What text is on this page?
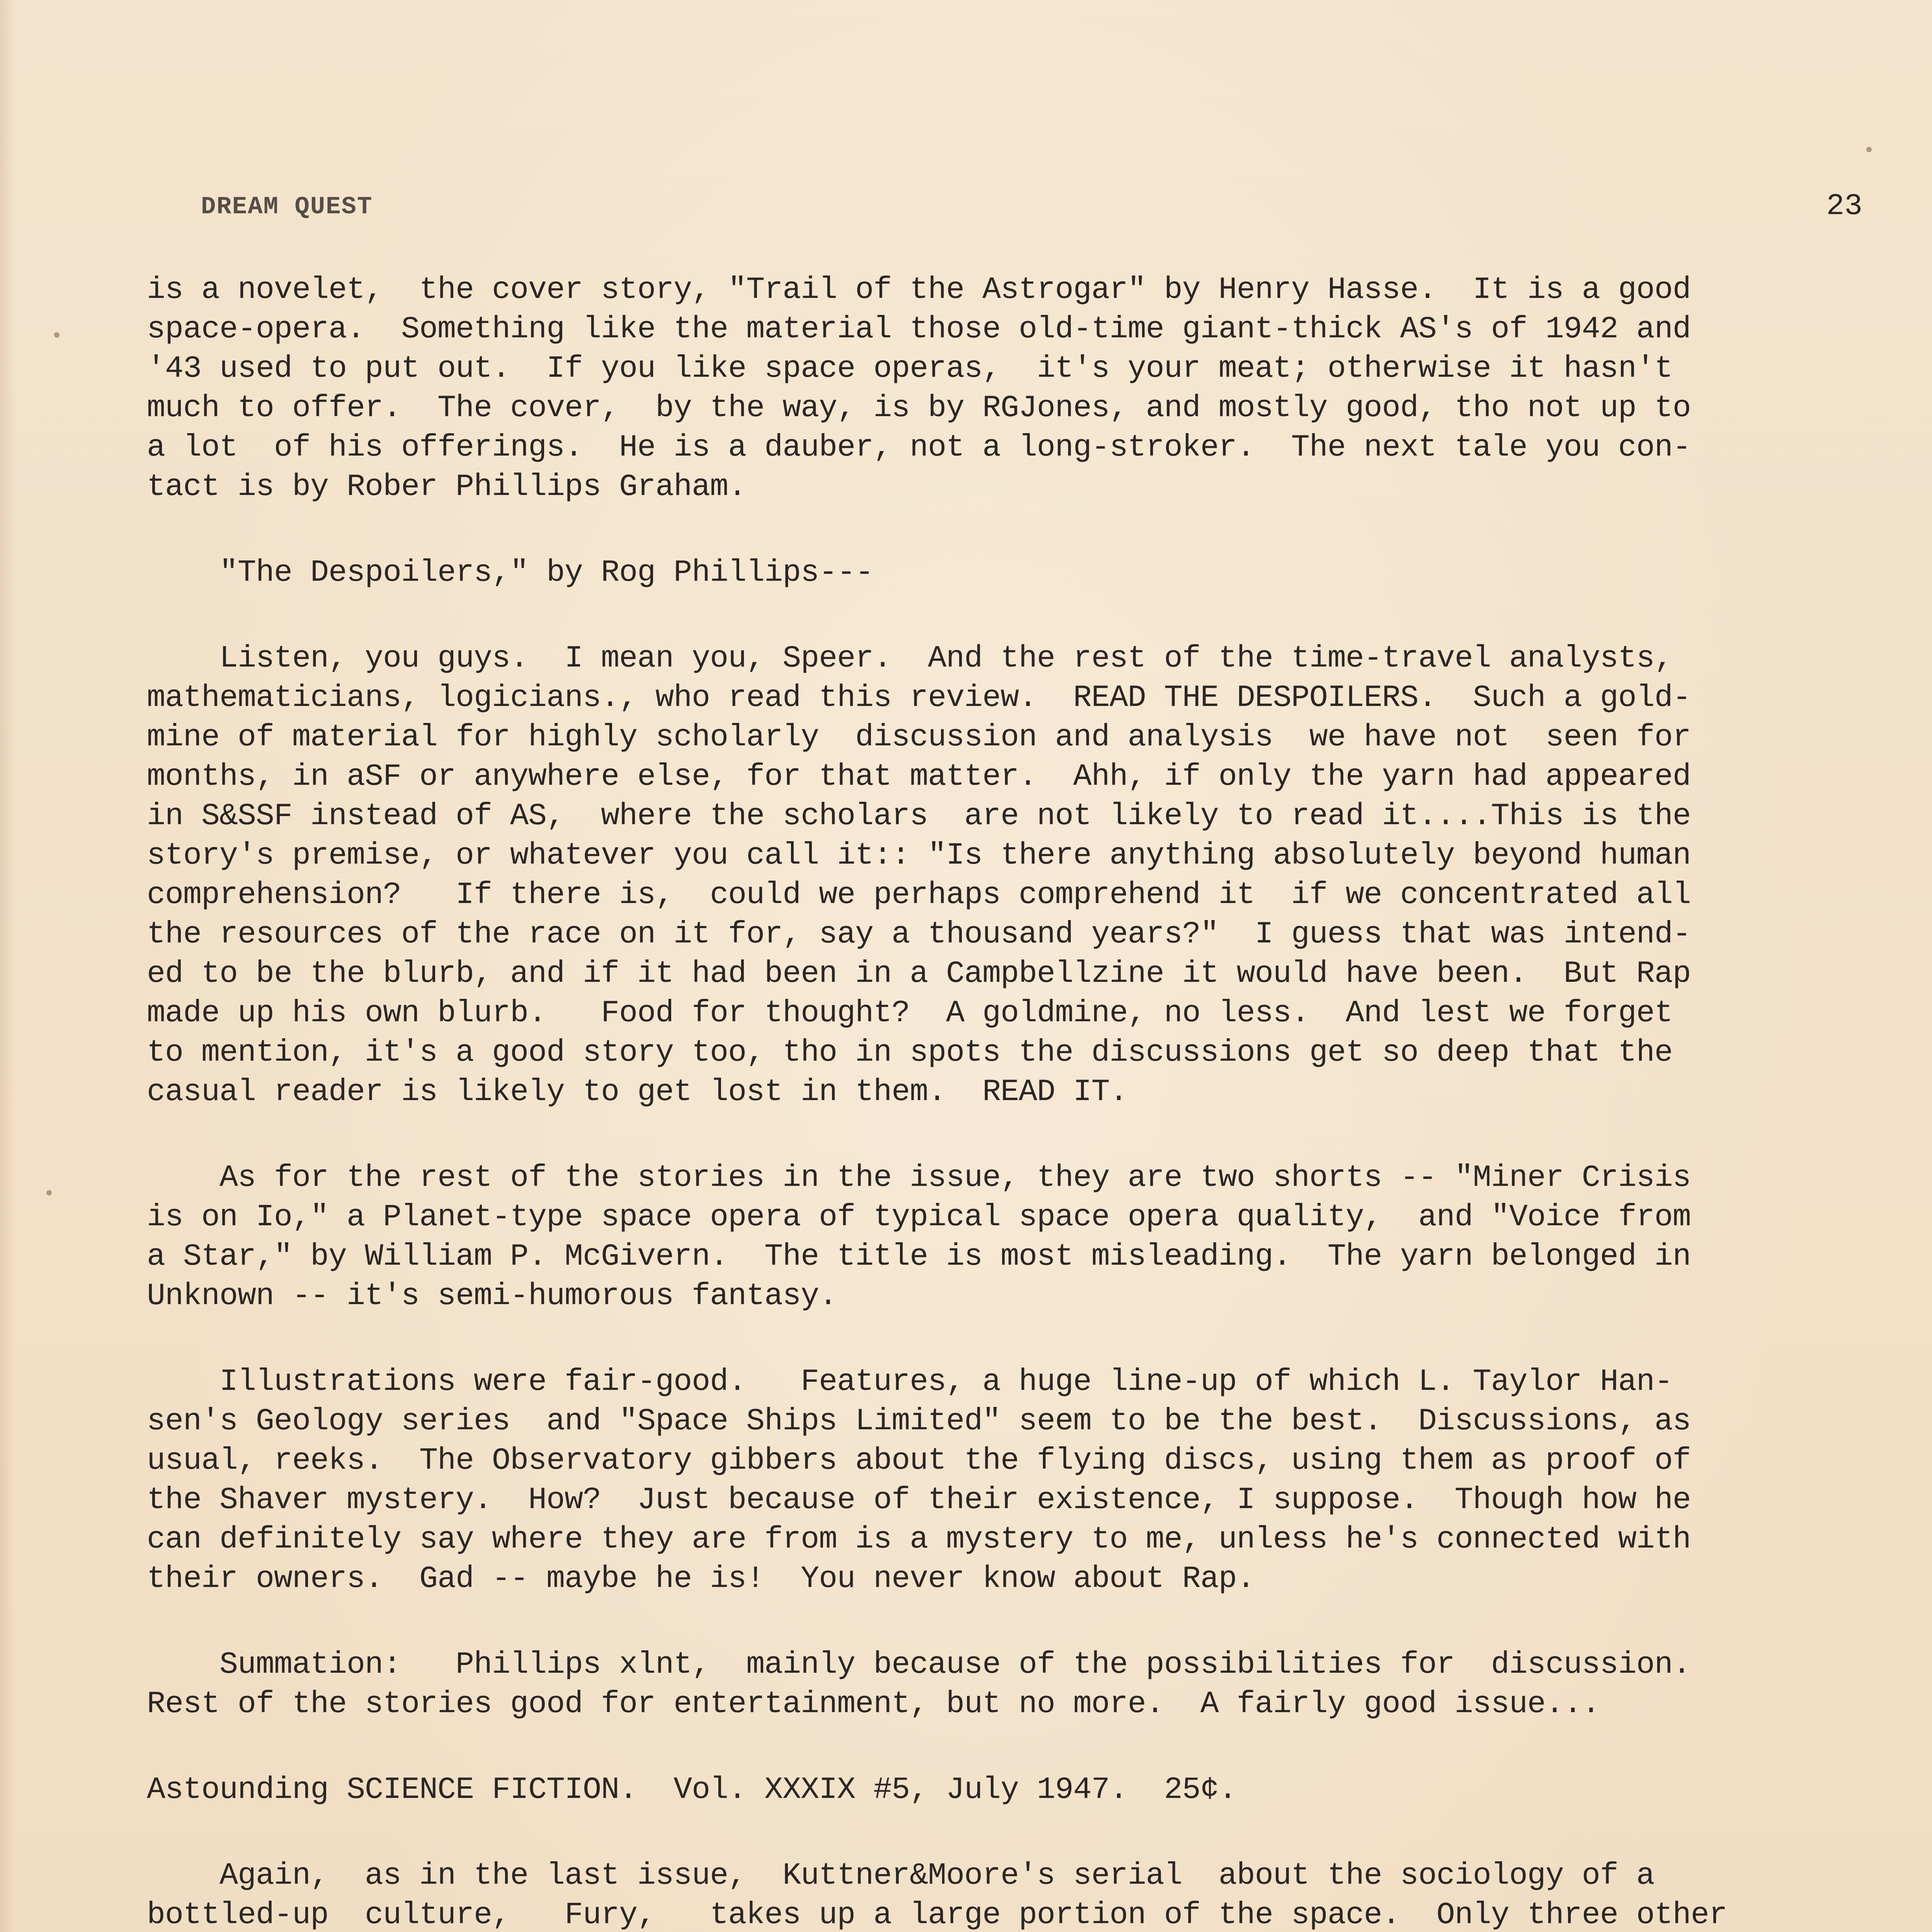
DREAM QUEST	23
is a novelet,  the cover story, "Trail of the Astrogar" by Henry Hasse.  It is a good
space-opera.  Something like the material those old-time giant-thick AS's of 1942 and
'43 used to put out.  If you like space operas,  it's your meat; otherwise it hasn't
much to offer.  The cover,  by the way, is by RGJones, and mostly good, tho not up to
a lot  of his offerings.  He is a dauber, not a long-stroker.  The next tale you con-
tact is by Rober Phillips Graham.
"The Despoilers," by Rog Phillips---
Listen, you guys.  I mean you, Speer.  And the rest of the time-travel analysts,
mathematicians, logicians., who read this review.  READ THE DESPOILERS.  Such a gold-
mine of material for highly scholarly  discussion and analysis  we have not  seen for
months, in aSF or anywhere else, for that matter.  Ahh, if only the yarn had appeared
in S&SSF instead of AS,  where the scholars  are not likely to read it....This is the
story's premise, or whatever you call it:: "Is there anything absolutely beyond human
comprehension?   If there is,  could we perhaps comprehend it  if we concentrated all
the resources of the race on it for, say a thousand years?"  I guess that was intend-
ed to be the blurb, and if it had been in a Campbellzine it would have been.  But Rap
made up his own blurb.   Food for thought?  A goldmine, no less.  And lest we forget
to mention, it's a good story too, tho in spots the discussions get so deep that the
casual reader is likely to get lost in them.  READ IT.
As for the rest of the stories in the issue, they are two shorts -- "Miner Crisis
is on Io," a Planet-type space opera of typical space opera quality,  and "Voice from
a Star," by William P. McGivern.  The title is most misleading.  The yarn belonged in
Unknown -- it's semi-humorous fantasy.
Illustrations were fair-good.   Features, a huge line-up of which L. Taylor Han-
sen's Geology series  and "Space Ships Limited" seem to be the best.  Discussions, as
usual, reeks.  The Observatory gibbers about the flying discs, using them as proof of
the Shaver mystery.  How?  Just because of their existence, I suppose.  Though how he
can definitely say where they are from is a mystery to me, unless he's connected with
their owners.  Gad -- maybe he is!  You never know about Rap.
Summation:   Phillips xlnt,  mainly because of the possibilities for  discussion.
Rest of the stories good for entertainment, but no more.  A fairly good issue...
Astounding SCIENCE FICTION.  Vol. XXXIX #5, July 1947.  25¢.
Again,  as in the last issue,  Kuttner&Moore's serial  about the sociology of a
bottled-up  culture,   Fury,   takes up a large portion of the space.  Only three other
